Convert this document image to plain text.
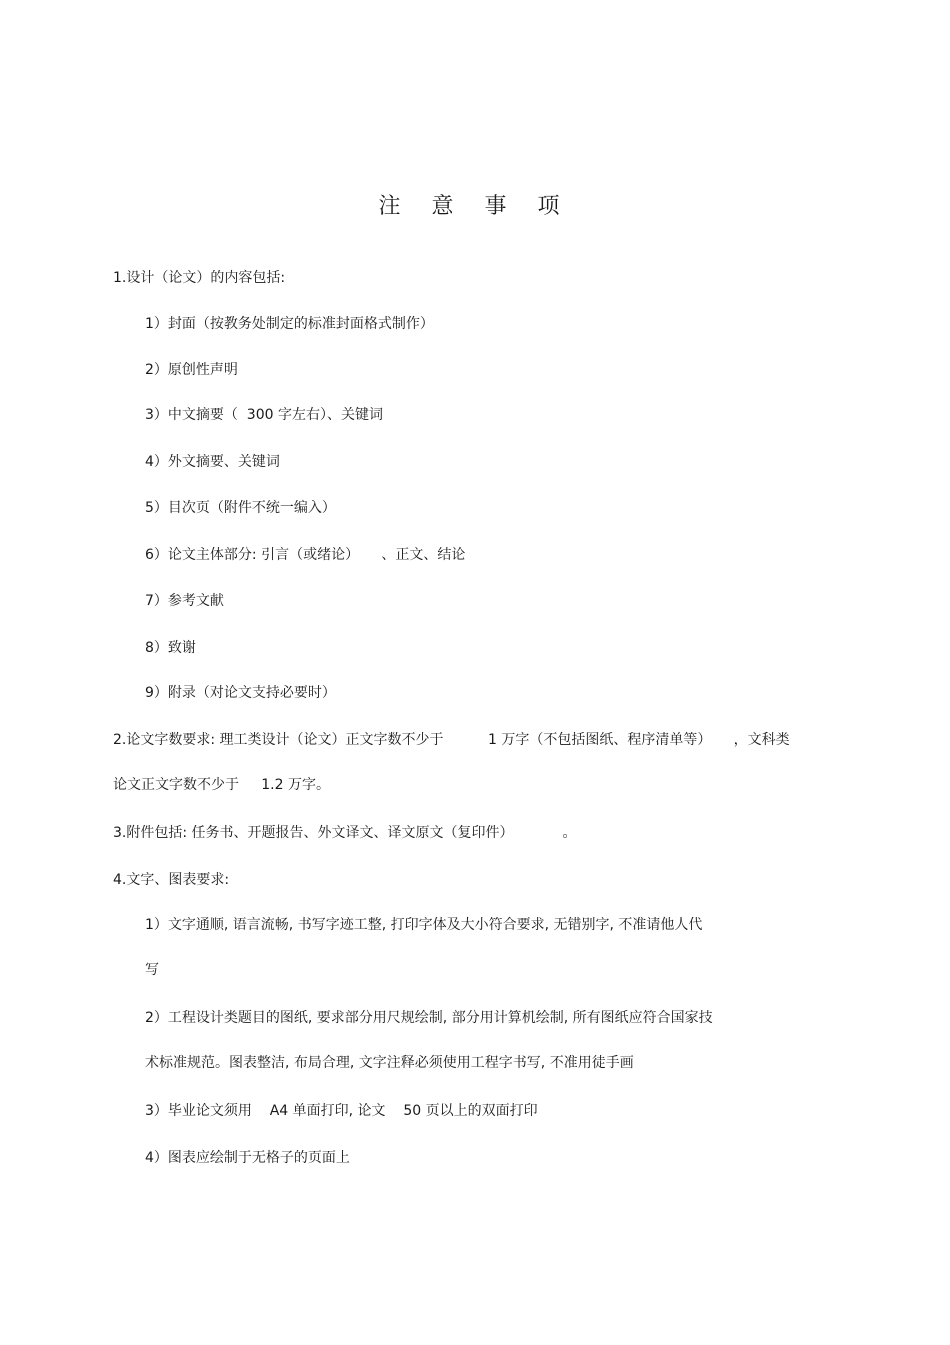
注 意 事 项
1.设计（论文）的内容包括:
1）封面（按教务处制定的标准封面格式制作）
2）原创性声明
3）中文摘要（  300 字左右）、关键词
4）外文摘要、关键词
5）目次页（附件不统一编入）
6）论文主体部分: 引言（或绪论）     、正文、结论
7）参考文献
8）致谢
9）附录（对论文支持必要时）
2.论文字数要求: 理工类设计（论文）正文字数不少于          1 万字（不包括图纸、程序清单等）     ，文科类
论文正文字数不少于     1.2 万字。
3.附件包括: 任务书、开题报告、外文译文、译文原文（复印件）           。
4.文字、图表要求:
1）文字通顺, 语言流畅, 书写字迹工整, 打印字体及大小符合要求, 无错别字, 不准请他人代
写
2）工程设计类题目的图纸, 要求部分用尺规绘制, 部分用计算机绘制, 所有图纸应符合国家技
术标准规范。图表整洁, 布局合理, 文字注释必须使用工程字书写, 不准用徒手画
3）毕业论文须用    A4 单面打印, 论文    50 页以上的双面打印
4）图表应绘制于无格子的页面上
